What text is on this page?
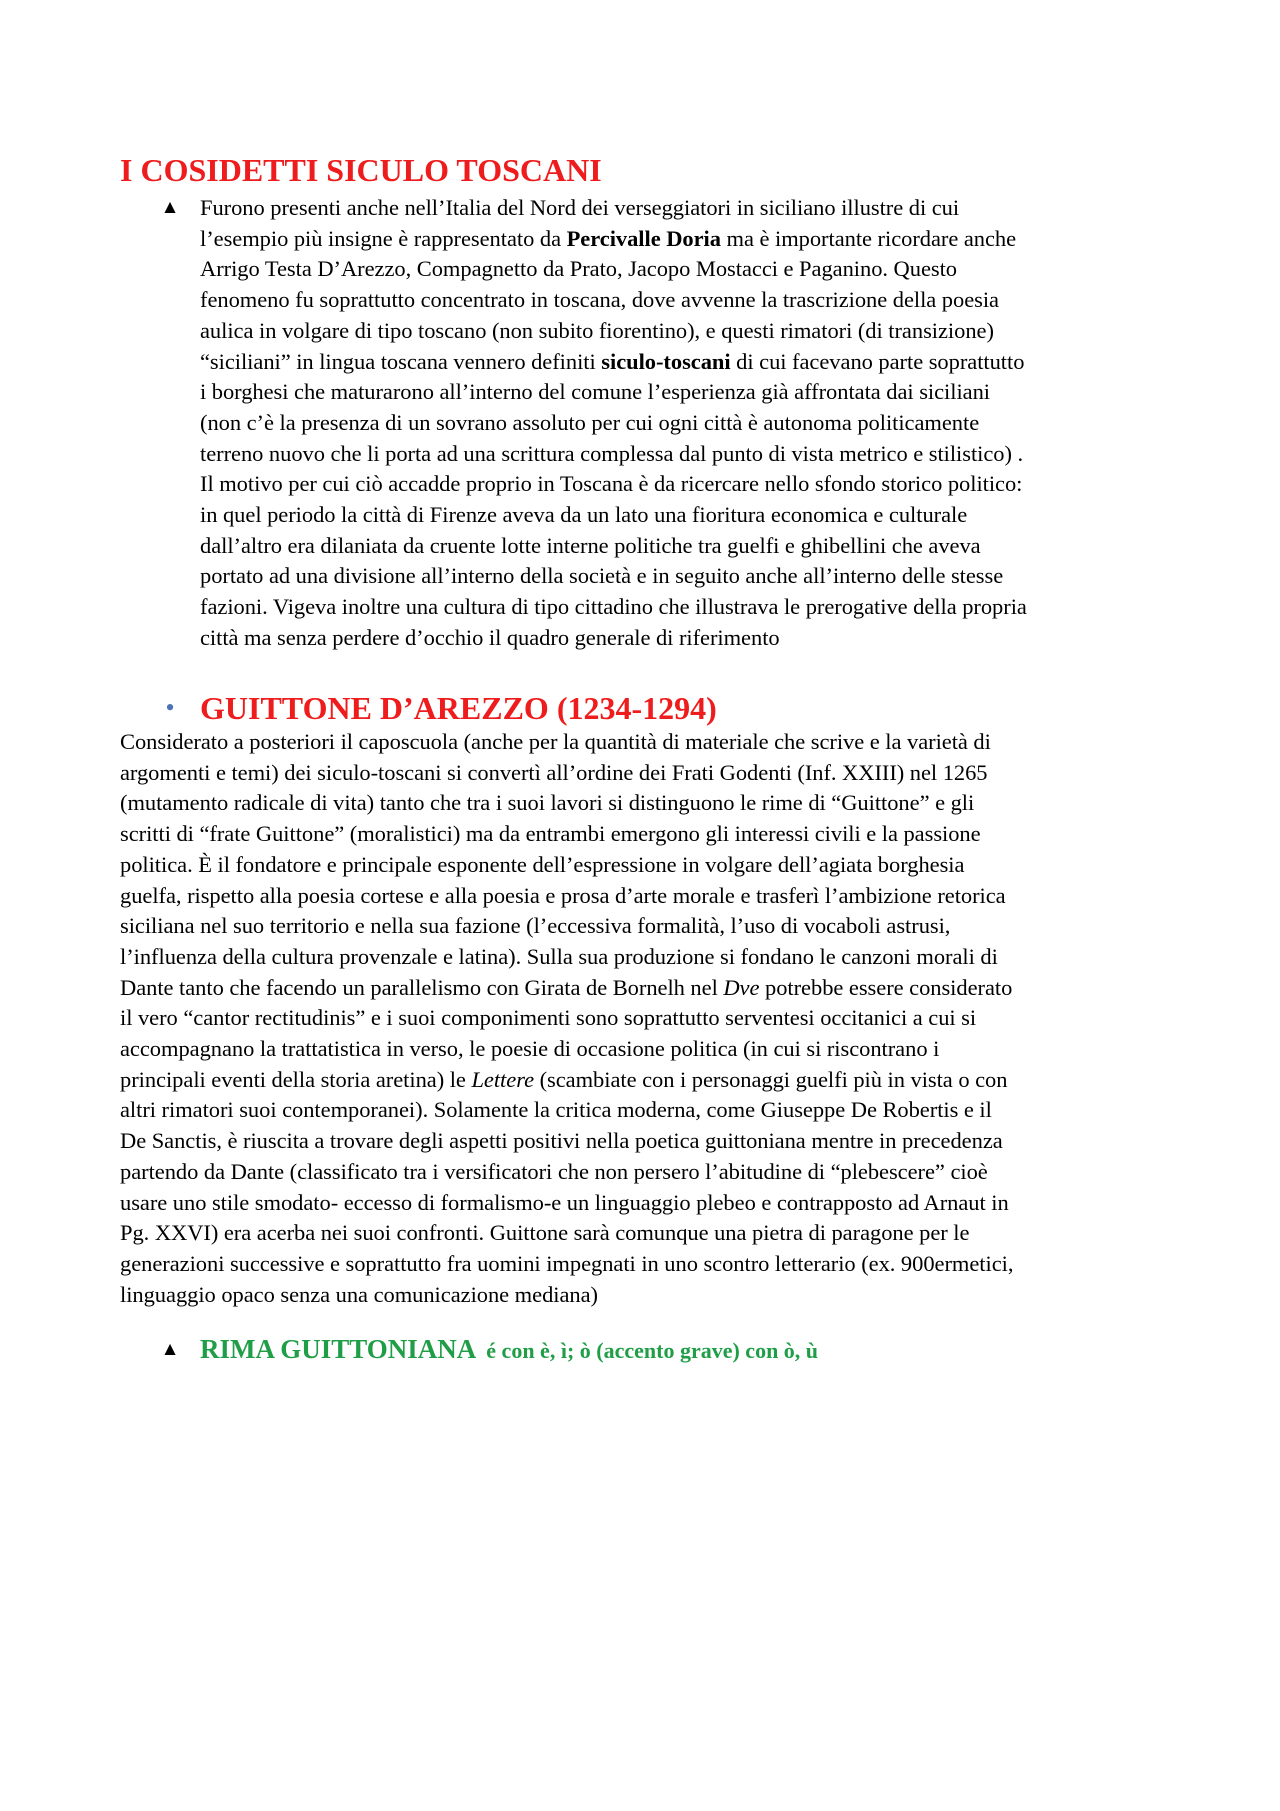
I COSIDETTI SICULO TOSCANI
▲ Furono presenti anche nell’Italia del Nord dei verseggiatori in siciliano illustre di cui
l’esempio più insigne è rappresentato da Percivalle Doria ma è importante ricordare anche
Arrigo Testa D’Arezzo, Compagnetto da Prato, Jacopo Mostacci e Paganino. Questo
fenomeno fu soprattutto concentrato in toscana, dove avvenne la trascrizione della poesia
aulica in volgare di tipo toscano (non subito fiorentino), e questi rimatori (di transizione)
“siciliani” in lingua toscana vennero definiti siculo-toscani di cui facevano parte soprattutto
i borghesi che maturarono all’interno del comune l’esperienza già affrontata dai siciliani
(non c’è la presenza di un sovrano assoluto per cui ogni città è autonoma politicamente
terreno nuovo che li porta ad una scrittura complessa dal punto di vista metrico e stilistico) .
Il motivo per cui ciò accadde proprio in Toscana è da ricercare nello sfondo storico politico:
in quel periodo la città di Firenze aveva da un lato una fioritura economica e culturale
dall’altro era dilaniata da cruente lotte interne politiche tra guelfi e ghibellini che aveva
portato ad una divisione all’interno della società e in seguito anche all’interno delle stesse
fazioni. Vigeva inoltre una cultura di tipo cittadino che illustrava le prerogative della propria
città ma senza perdere d’occhio il quadro generale di riferimento

• GUITTONE D’AREZZO (1234-1294)

Considerato a posteriori il caposcuola (anche per la quantità di materiale che scrive e la varietà di
argomenti e temi) dei siculo-toscani si convertì all’ordine dei Frati Godenti (Inf. XXIII) nel 1265
(mutamento radicale di vita) tanto che tra i suoi lavori si distinguono le rime di “Guittone” e gli
scritti di “frate Guittone” (moralistici) ma da entrambi emergono gli interessi civili e la passione
politica. È il fondatore e principale esponente dell’espressione in volgare dell’agiata borghesia
guelfa, rispetto alla poesia cortese e alla poesia e prosa d’arte morale e trasferì l’ambizione retorica
siciliana nel suo territorio e nella sua fazione (l’eccessiva formalità, l’uso di vocaboli astrusi,
l’influenza della cultura provenzale e latina). Sulla sua produzione si fondano le canzoni morali di
Dante tanto che facendo un parallelismo con Girata de Bornelh nel Dve potrebbe essere considerato
il vero “cantor rectitudinis” e i suoi componimenti sono soprattutto serventesi occitanici a cui si
accompagnano la trattatistica in verso, le poesie di occasione politica (in cui si riscontrano i
principali eventi della storia aretina) le Lettere (scambiate con i personaggi guelfi più in vista o con
altri rimatori suoi contemporanei). Solamente la critica moderna, come Giuseppe De Robertis e il
De Sanctis, è riuscita a trovare degli aspetti positivi nella poetica guittoniana mentre in precedenza
partendo da Dante (classificato tra i versificatori che non persero l’abitudine di “plebescere” cioè
usare uno stile smodato- eccesso di formalismo-e un linguaggio plebeo e contrapposto ad Arnaut in
Pg. XXVI) era acerba nei suoi confronti. Guittone sarà comunque una pietra di paragone per le
generazioni successive e soprattutto fra uomini impegnati in uno scontro letterario (ex. 900ermetici,
linguaggio opaco senza una comunicazione mediana)

▲ RIMA GUITTONIANA é con è, ì; ò (accento grave) con ò, ù
